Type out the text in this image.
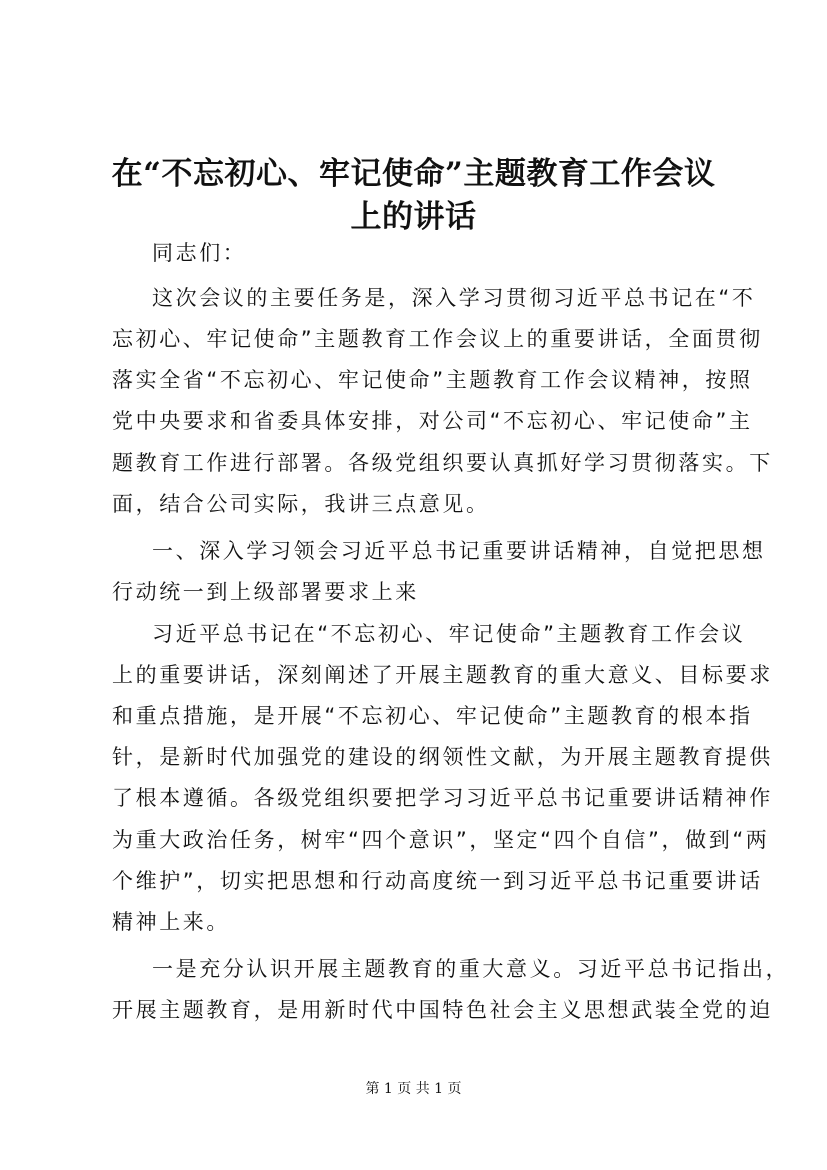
在“不忘初心、牢记使命”主题教育工作会议
上的讲话

同志们：

这次会议的主要任务是，深入学习贯彻习近平总书记在“不

忘初心、牢记使命”主题教育工作会议上的重要讲话，全面贯彻

落实全省“不忘初心、牢记使命”主题教育工作会议精神，按照

党中央要求和省委具体安排，对公司“不忘初心、牢记使命”主

题教育工作进行部署。各级党组织要认真抓好学习贯彻落实。下

面，结合公司实际，我讲三点意见。

一、深入学习领会习近平总书记重要讲话精神，自觉把思想

行动统一到上级部署要求上来

习近平总书记在“不忘初心、牢记使命”主题教育工作会议

上的重要讲话，深刻阐述了开展主题教育的重大意义、目标要求

和重点措施，是开展“不忘初心、牢记使命”主题教育的根本指

针，是新时代加强党的建设的纲领性文献，为开展主题教育提供

了根本遵循。各级党组织要把学习习近平总书记重要讲话精神作

为重大政治任务，树牢“四个意识”，坚定“四个自信”，做到“两

个维护”，切实把思想和行动高度统一到习近平总书记重要讲话

精神上来。

一是充分认识开展主题教育的重大意义。习近平总书记指出，

开展主题教育，是用新时代中国特色社会主义思想武装全党的迫

第 1 页 共 1 页
